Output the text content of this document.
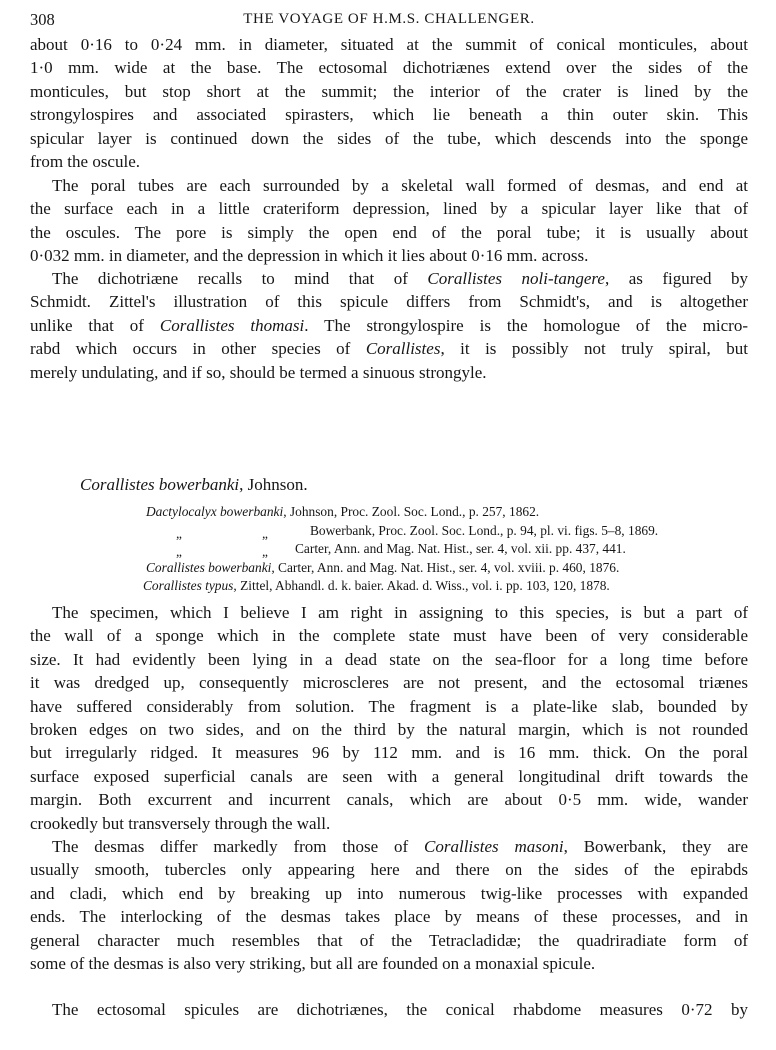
308	THE VOYAGE OF H.M.S. CHALLENGER.
about 0·16 to 0·24 mm. in diameter, situated at the summit of conical monticules, about
1·0 mm. wide at the base. The ectosomal dichotriænes extend over the sides of the
monticules, but stop short at the summit; the interior of the crater is lined by the
strongylospires and associated spirasters, which lie beneath a thin outer skin. This
spicular layer is continued down the sides of the tube, which descends into the sponge
from the oscule.
The poral tubes are each surrounded by a skeletal wall formed of desmas, and end at
the surface each in a little crateriform depression, lined by a spicular layer like that of
the oscules. The pore is simply the open end of the poral tube; it is usually about
0·032 mm. in diameter, and the depression in which it lies about 0·16 mm. across.
The dichotriæne recalls to mind that of Corallistes noli-tangere, as figured by
Schmidt. Zittel's illustration of this spicule differs from Schmidt's, and is altogether
unlike that of Corallistes thomasi. The strongylospire is the homologue of the micro-
rabd which occurs in other species of Corallistes, it is possibly not truly spiral, but
merely undulating, and if so, should be termed a sinuous strongyle.
Corallistes bowerbanki, Johnson.
Dactylocalyx bowerbanki, Johnson, Proc. Zool. Soc. Lond., p. 257, 1862.
„	„	Bowerbank, Proc. Zool. Soc. Lond., p. 94, pl. vi. figs. 5–8, 1869.
„	„ Carter, Ann. and Mag. Nat. Hist., ser. 4, vol. xii. pp. 437, 441.
Corallistes bowerbanki, Carter, Ann. and Mag. Nat. Hist., ser. 4, vol. xviii. p. 460, 1876.
Corallistes typus, Zittel, Abhandl. d. k. baier. Akad. d. Wiss., vol. i. pp. 103, 120, 1878.
The specimen, which I believe I am right in assigning to this species, is but a part of
the wall of a sponge which in the complete state must have been of very considerable
size. It had evidently been lying in a dead state on the sea-floor for a long time before
it was dredged up, consequently microscleres are not present, and the ectosomal triænes
have suffered considerably from solution. The fragment is a plate-like slab, bounded by
broken edges on two sides, and on the third by the natural margin, which is not rounded
but irregularly ridged. It measures 96 by 112 mm. and is 16 mm. thick. On the poral
surface exposed superficial canals are seen with a general longitudinal drift towards the
margin. Both excurrent and incurrent canals, which are about 0·5 mm. wide, wander
crookedly but transversely through the wall.
The desmas differ markedly from those of Corallistes masoni, Bowerbank, they are
usually smooth, tubercles only appearing here and there on the sides of the epirabds
and cladi, which end by breaking up into numerous twig-like processes with expanded
ends. The interlocking of the desmas takes place by means of these processes, and in
general character much resembles that of the Tetracladidæ; the quadriradiate form of
some of the desmas is also very striking, but all are founded on a monaxial spicule.
The ectosomal spicules are dichotriænes, the conical rhabdome measures 0·72 by
